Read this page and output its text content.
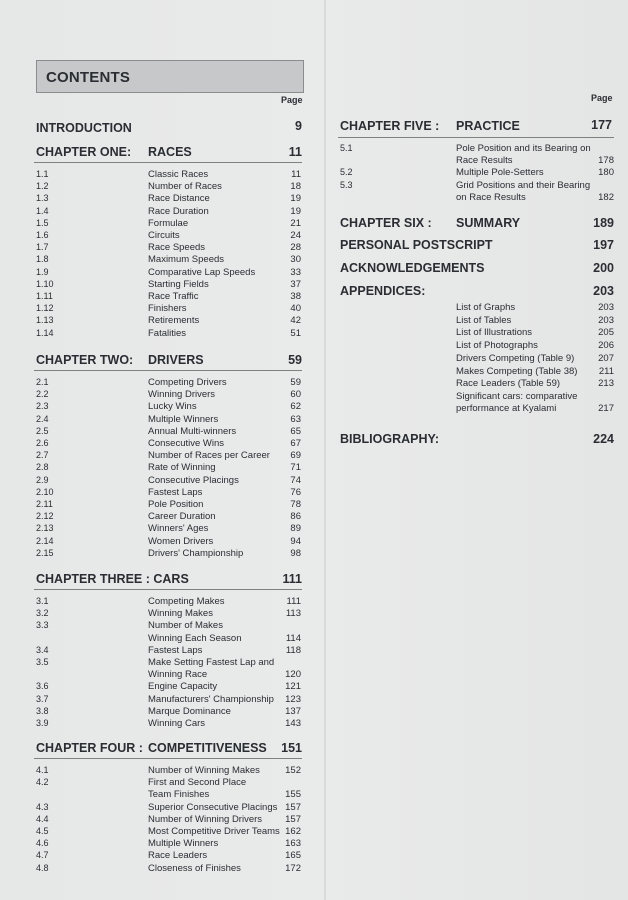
CONTENTS
Page	Page
INTRODUCTION	9
CHAPTER ONE: RACES	11
1.1	Classic Races	11
1.2	Number of Races	18
1.3	Race Distance	19
1.4	Race Duration	19
1.5	Formulae	21
1.6	Circuits	24
1.7	Race Speeds	28
1.8	Maximum Speeds	30
1.9	Comparative Lap Speeds	33
1.10	Starting Fields	37
1.11	Race Traffic	38
1.12	Finishers	40
1.13	Retirements	42
1.14	Fatalities	51
CHAPTER TWO: DRIVERS	59
2.1	Competing Drivers	59
2.2	Winning Drivers	60
2.3	Lucky Wins	62
2.4	Multiple Winners	63
2.5	Annual Multi-winners	65
2.6	Consecutive Wins	67
2.7	Number of Races per Career	69
2.8	Rate of Winning	71
2.9	Consecutive Placings	74
2.10	Fastest Laps	76
2.11	Pole Position	78
2.12	Career Duration	86
2.13	Winners' Ages	89
2.14	Women Drivers	94
2.15	Drivers' Championship	98
CHAPTER THREE : CARS	111
3.1	Competing Makes	111
3.2	Winning Makes	113
3.3	Number of Makes
Winning Each Season	114
3.4	Fastest Laps	118
3.5	Make Setting Fastest Lap and
Winning Race	120
3.6	Engine Capacity	121
3.7	Manufacturers' Championship	123
3.8	Marque Dominance	137
3.9	Winning Cars	143
CHAPTER FOUR : COMPETITIVENESS	151
4.1	Number of Winning Makes	152
4.2	First and Second Place
Team Finishes	155
4.3	Superior Consecutive Placings 157
4.4	Number of Winning Drivers	157
4.5	Most Competitive Driver Teams 162
4.6	Multiple Winners	163
4.7	Race Leaders	165
4.8	Closeness of Finishes	172
CHAPTER FIVE : PRACTICE	177
5.1	Pole Position and its Bearing on
Race Results	178
5.2	Multiple Pole-Setters	180
5.3	Grid Positions and their Bearing
on Race Results	182
CHAPTER SIX : SUMMARY	189
PERSONAL POSTSCRIPT	197
ACKNOWLEDGEMENTS	200
APPENDICES:	203
List of Graphs	203
List of Tables	203
List of Illustrations	205
List of Photographs	206
Drivers Competing (Table 9)	207
Makes Competing (Table 38)	211
Race Leaders (Table 59)	213
Significant cars: comparative
performance at Kyalami	217
BIBLIOGRAPHY:	224
